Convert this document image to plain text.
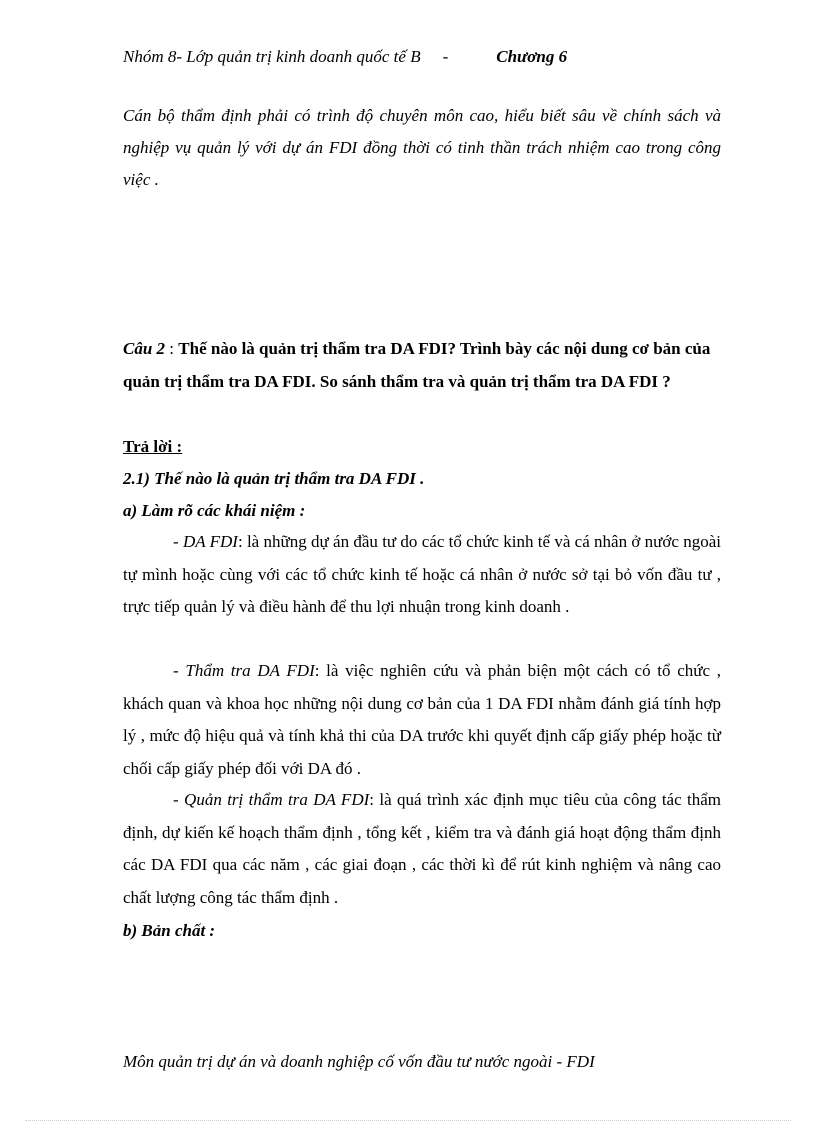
Nhóm 8- Lớp quản trị kinh doanh quốc tế B -	Chương 6
Cán bộ thẩm định phải có trình độ chuyên môn cao, hiểu biết sâu về chính sách và nghiệp vụ quản lý với dự án FDI đồng thời có tinh thần trách nhiệm cao trong công việc .
Câu 2 : Thế nào là quản trị thẩm tra DA FDI? Trình bày các nội dung cơ bản của quản trị thẩm tra DA FDI. So sánh thẩm tra và quản trị thẩm tra DA FDI ?
Trả lời :
2.1) Thế nào là quản trị thẩm tra DA FDI .
a) Làm rõ các khái niệm :
- DA FDI: là những dự án đầu tư do các tổ chức kinh tế và cá nhân ở nước ngoài tự mình hoặc cùng với các tổ chức kinh tế hoặc cá nhân ở nước sở tại bỏ vốn đầu tư , trực tiếp quản lý và điều hành để thu lợi nhuận trong kinh doanh .
- Thẩm tra DA FDI: là việc nghiên cứu và phản biện một cách có tổ chức , khách quan và khoa học những nội dung cơ bản của 1 DA FDI nhằm đánh giá tính hợp lý , mức độ hiệu quả và tính khả thi của DA trước khi quyết định cấp giấy phép hoặc từ chối cấp giấy phép đối với DA đó .
- Quản trị thẩm tra DA FDI: là quá trình xác định mục tiêu của công tác thẩm định, dự kiến kế hoạch thẩm định , tổng kết , kiểm tra và đánh giá hoạt động thẩm định các DA FDI qua các năm , các giai đoạn , các thời kì để rút kinh nghiệm và nâng cao chất lượng công tác thẩm định .
b) Bản chất :
Môn quản trị dự án và doanh nghiệp cố vốn đầu tư nước ngoài - FDI
